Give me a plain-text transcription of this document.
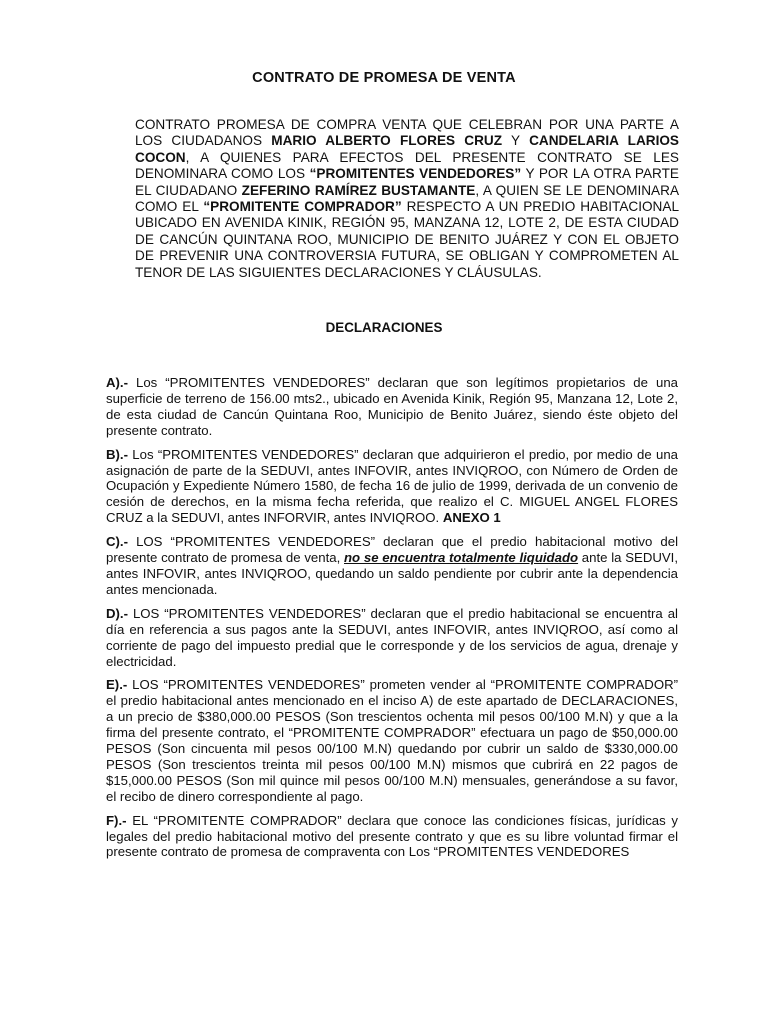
CONTRATO DE PROMESA DE VENTA
CONTRATO PROMESA DE COMPRA VENTA QUE CELEBRAN POR UNA PARTE A LOS CIUDADANOS MARIO ALBERTO FLORES CRUZ Y CANDELARIA LARIOS COCON, A QUIENES PARA EFECTOS DEL PRESENTE CONTRATO SE LES DENOMINARA COMO LOS “PROMITENTES VENDEDORES” Y POR LA OTRA PARTE EL CIUDADANO ZEFERINO RAMÍREZ BUSTAMANTE, A QUIEN SE LE DENOMINARA COMO EL “PROMITENTE COMPRADOR” RESPECTO A UN PREDIO HABITACIONAL UBICADO EN AVENIDA KINIK, REGIÓN 95, MANZANA 12, LOTE 2, DE ESTA CIUDAD DE CANCÚN QUINTANA ROO, MUNICIPIO DE BENITO JUÁREZ Y CON EL OBJETO DE PREVENIR UNA CONTROVERSIA FUTURA, SE OBLIGAN Y COMPROMETEN AL TENOR DE LAS SIGUIENTES DECLARACIONES Y CLÁUSULAS.
DECLARACIONES

A).- Los “PROMITENTES VENDEDORES” declaran que son legítimos propietarios de una superficie de terreno de 156.00 mts2., ubicado en Avenida Kinik, Región 95, Manzana 12, Lote 2, de esta ciudad de Cancún Quintana Roo, Municipio de Benito Juárez, siendo éste objeto del presente contrato.

B).- Los “PROMITENTES VENDEDORES” declaran que adquirieron el predio, por medio de una asignación de parte de la SEDUVI, antes INFOVIR, antes INVIQROO, con Número de Orden de Ocupación y Expediente Número 1580, de fecha 16 de julio de 1999, derivada de un convenio de cesión de derechos, en la misma fecha referida, que realizo el C. MIGUEL ANGEL FLORES CRUZ a la SEDUVI, antes INFORVIR, antes INVIQROO. ANEXO 1

C).- LOS “PROMITENTES VENDEDORES” declaran que el predio habitacional motivo del presente contrato de promesa de venta, no se encuentra totalmente liquidado ante la SEDUVI, antes INFOVIR, antes INVIQROO, quedando un saldo pendiente por cubrir ante la dependencia antes mencionada.

D).- LOS “PROMITENTES VENDEDORES” declaran que el predio habitacional se encuentra al día en referencia a sus pagos ante la SEDUVI, antes INFOVIR, antes INVIQROO, así como al corriente de pago del impuesto predial que le corresponde y de los servicios de agua, drenaje y electricidad.

E).- LOS “PROMITENTES VENDEDORES” prometen vender al “PROMITENTE COMPRADOR” el predio habitacional antes mencionado en el inciso A) de este apartado de DECLARACIONES, a un precio de $380,000.00 PESOS (Son trescientos ochenta mil pesos 00/100 M.N) y que a la firma del presente contrato, el “PROMITENTE COMPRADOR” efectuara un pago de $50,000.00 PESOS (Son cincuenta mil pesos 00/100 M.N) quedando por cubrir un saldo de $330,000.00 PESOS (Son trescientos treinta mil pesos 00/100 M.N) mismos que cubrirá en 22 pagos de $15,000.00 PESOS (Son mil quince mil pesos 00/100 M.N) mensuales, generándose a su favor, el recibo de dinero correspondiente al pago.

F).- EL “PROMITENTE COMPRADOR” declara que conoce las condiciones físicas, jurídicas y legales del predio habitacional motivo del presente contrato y que es su libre voluntad firmar el presente contrato de promesa de compraventa con Los “PROMITENTES VENDEDORES
